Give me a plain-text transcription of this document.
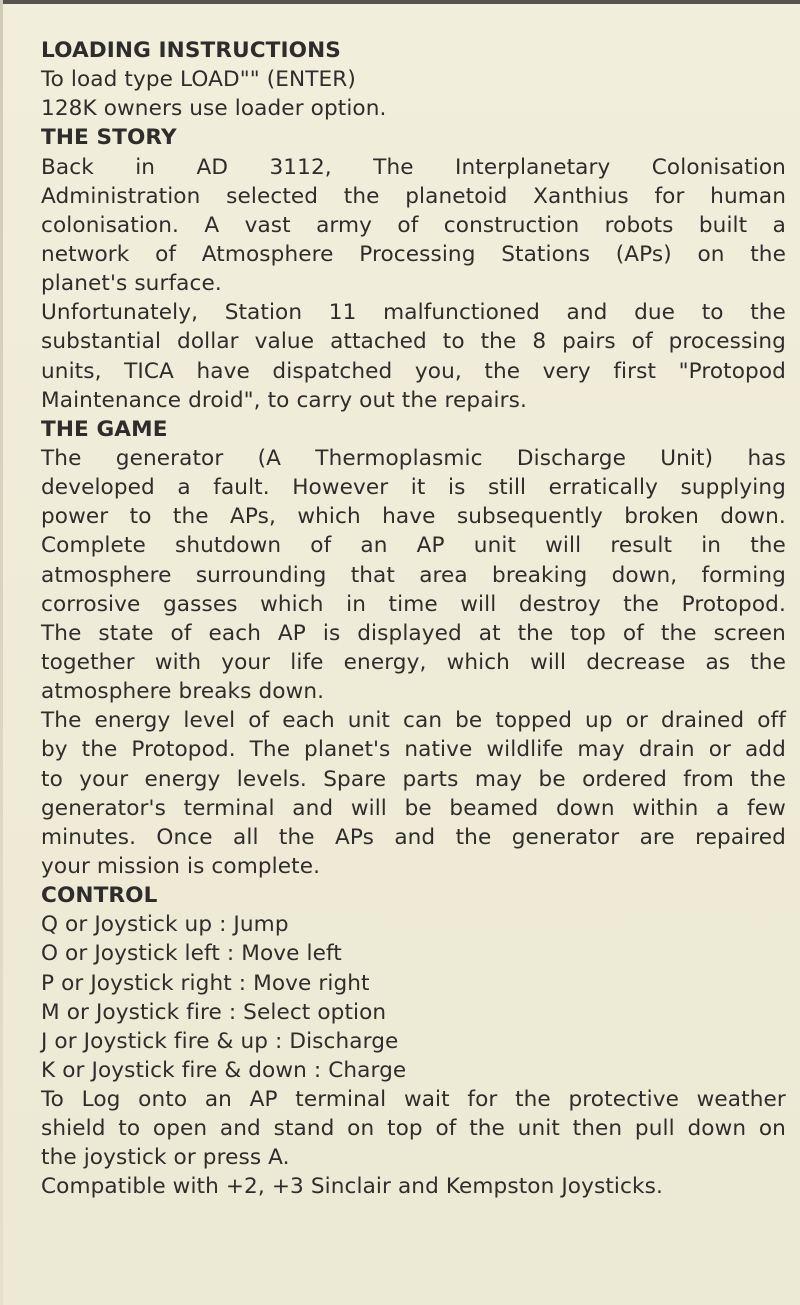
LOADING INSTRUCTIONS
To load type LOAD"" (ENTER)
128K owners use loader option.
THE STORY
Back in AD 3112, The Interplanetary Colonisation
Administration selected the planetoid Xanthius for human
colonisation. A vast army of construction robots built a
network of Atmosphere Processing Stations (APs) on the
planet's surface.
Unfortunately, Station 11 malfunctioned and due to the
substantial dollar value attached to the 8 pairs of processing
units, TICA have dispatched you, the very first "Protopod
Maintenance droid", to carry out the repairs.
THE GAME
The generator (A Thermoplasmic Discharge Unit) has
developed a fault. However it is still erratically supplying
power to the APs, which have subsequently broken down.
Complete shutdown of an AP unit will result in the
atmosphere surrounding that area breaking down, forming
corrosive gasses which in time will destroy the Protopod.
The state of each AP is displayed at the top of the screen
together with your life energy, which will decrease as the
atmosphere breaks down.
The energy level of each unit can be topped up or drained off
by the Protopod. The planet's native wildlife may drain or add
to your energy levels. Spare parts may be ordered from the
generator's terminal and will be beamed down within a few
minutes. Once all the APs and the generator are repaired
your mission is complete.
CONTROL
Q or Joystick up : Jump
O or Joystick left : Move left
P or Joystick right : Move right
M or Joystick fire : Select option
J or Joystick fire & up : Discharge
K or Joystick fire & down : Charge
To Log onto an AP terminal wait for the protective weather
shield to open and stand on top of the unit then pull down on
the joystick or press A.
Compatible with +2, +3 Sinclair and Kempston Joysticks.
